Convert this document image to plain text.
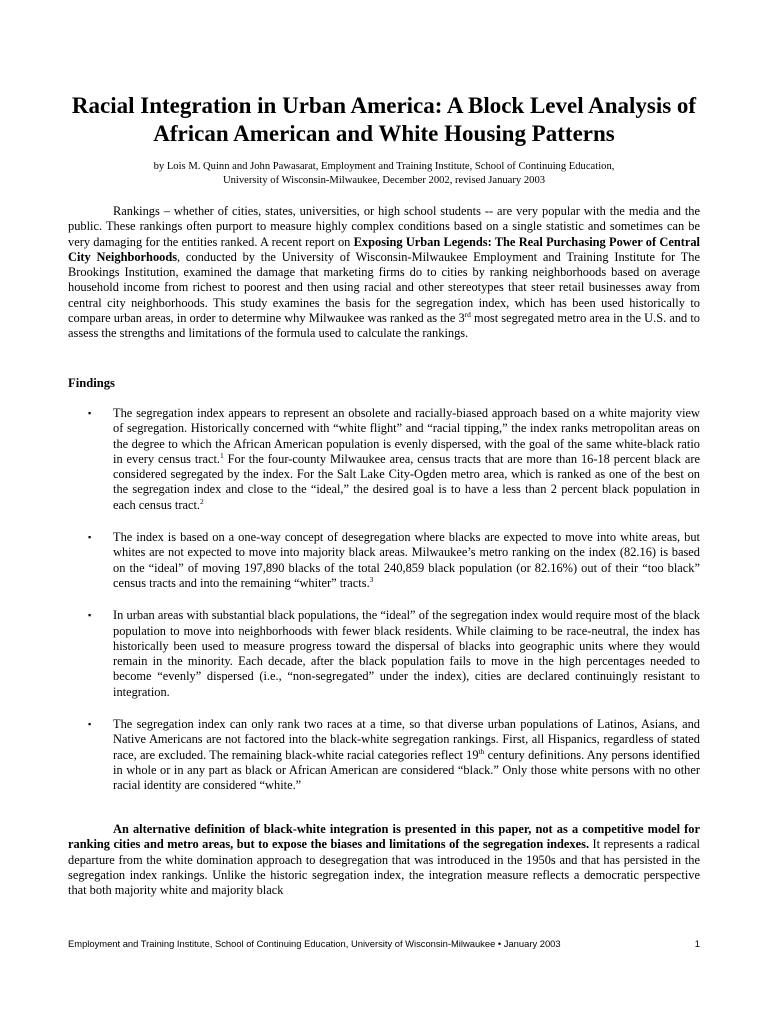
Racial Integration in Urban America: A Block Level Analysis of African American and White Housing Patterns
by Lois M. Quinn and John Pawasarat, Employment and Training Institute, School of Continuing Education,
University of Wisconsin-Milwaukee, December 2002, revised January 2003

Rankings – whether of cities, states, universities, or high school students -- are very popular with the media and the public. These rankings often purport to measure highly complex conditions based on a single statistic and sometimes can be very damaging for the entities ranked. A recent report on Exposing Urban Legends: The Real Purchasing Power of Central City Neighborhoods, conducted by the University of Wisconsin-Milwaukee Employment and Training Institute for The Brookings Institution, examined the damage that marketing firms do to cities by ranking neighborhoods based on average household income from richest to poorest and then using racial and other stereotypes that steer retail businesses away from central city neighborhoods. This study examines the basis for the segregation index, which has been used historically to compare urban areas, in order to determine why Milwaukee was ranked as the 3rd most segregated metro area in the U.S. and to assess the strengths and limitations of the formula used to calculate the rankings.

Findings
▪ The segregation index appears to represent an obsolete and racially-biased approach based on a white majority view of segregation. Historically concerned with “white flight” and “racial tipping,” the index ranks metropolitan areas on the degree to which the African American population is evenly dispersed, with the goal of the same white-black ratio in every census tract.$^1$ For the four-county Milwaukee area, census tracts that are more than 16-18 percent black are considered segregated by the index. For the Salt Lake City-Ogden metro area, which is ranked as one of the best on the segregation index and close to the “ideal,” the desired goal is to have a less than 2 percent black population in each census tract.$^2$
▪ The index is based on a one-way concept of desegregation where blacks are expected to move into white areas, but whites are not expected to move into majority black areas. Milwaukee’s metro ranking on the index (82.16) is based on the “ideal” of moving 197,890 blacks of the total 240,859 black population (or 82.16%) out of their “too black” census tracts and into the remaining “whiter” tracts.$^3$
▪ In urban areas with substantial black populations, the “ideal” of the segregation index would require most of the black population to move into neighborhoods with fewer black residents. While claiming to be race-neutral, the index has historically been used to measure progress toward the dispersal of blacks into geographic units where they would remain in the minority. Each decade, after the black population fails to move in the high percentages needed to become “evenly” dispersed (i.e., “non-segregated” under the index), cities are declared continuingly resistant to integration.
▪ The segregation index can only rank two races at a time, so that diverse urban populations of Latinos, Asians, and Native Americans are not factored into the black-white segregation rankings. First, all Hispanics, regardless of stated race, are excluded. The remaining black-white racial categories reflect 19th century definitions. Any persons identified in whole or in any part as black or African American are considered “black.” Only those white persons with no other racial identity are considered “white.”

An alternative definition of black-white integration is presented in this paper, not as a competitive model for ranking cities and metro areas, but to expose the biases and limitations of the segregation indexes. It represents a radical departure from the white domination approach to desegregation that was introduced in the 1950s and that has persisted in the segregation index rankings. Unlike the historic segregation index, the integration measure reflects a democratic perspective that both majority white and majority black

Employment and Training Institute, School of Continuing Education, University of Wisconsin-Milwaukee • January 2003	1
